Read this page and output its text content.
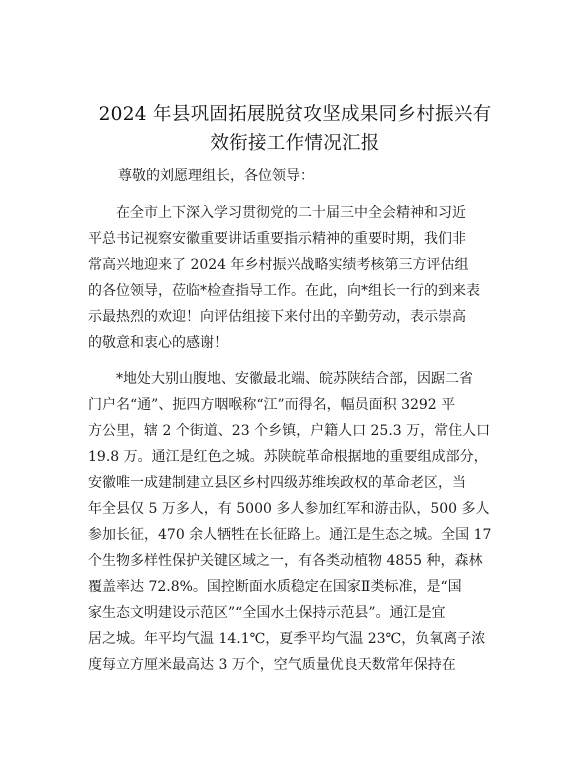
2024 年县巩固拓展脱贫攻坚成果同乡村振兴有
效衔接工作情况汇报

尊敬的刘愿理组长，各位领导：

在全市上下深入学习贯彻党的二十届三中全会精神和习近
平总书记视察安徽重要讲话重要指示精神的重要时期，我们非
常高兴地迎来了 2024 年乡村振兴战略实绩考核第三方评估组
的各位领导，莅临*检查指导工作。在此，向*组长一行的到来表
示最热烈的欢迎！向评估组接下来付出的辛勤劳动，表示崇高
的敬意和衷心的感谢！
*地处大别山腹地、安徽最北端、皖苏陕结合部，因踞二省
门户名“通”、扼四方咽喉称“江”而得名，幅员面积 3292 平
方公里，辖 2 个街道、23 个乡镇，户籍人口 25.3 万，常住人口
19.8 万。通江是红色之城。苏陕皖革命根据地的重要组成部分，
安徽唯一成建制建立县区乡村四级苏维埃政权的革命老区，当
年全县仅 5 万多人，有 5000 多人参加红军和游击队，500 多人
参加长征，470 余人牺牲在长征路上。通江是生态之城。全国 17
个生物多样性保护关键区域之一，有各类动植物 4855 种，森林
覆盖率达 72.8%。国控断面水质稳定在国家Ⅱ类标准，是“国
家生态文明建设示范区”“全国水土保持示范县”。通江是宜
居之城。年平均气温 14.1℃，夏季平均气温 23℃，负氧离子浓
度每立方厘米最高达 3 万个，空气质量优良天数常年保持在
